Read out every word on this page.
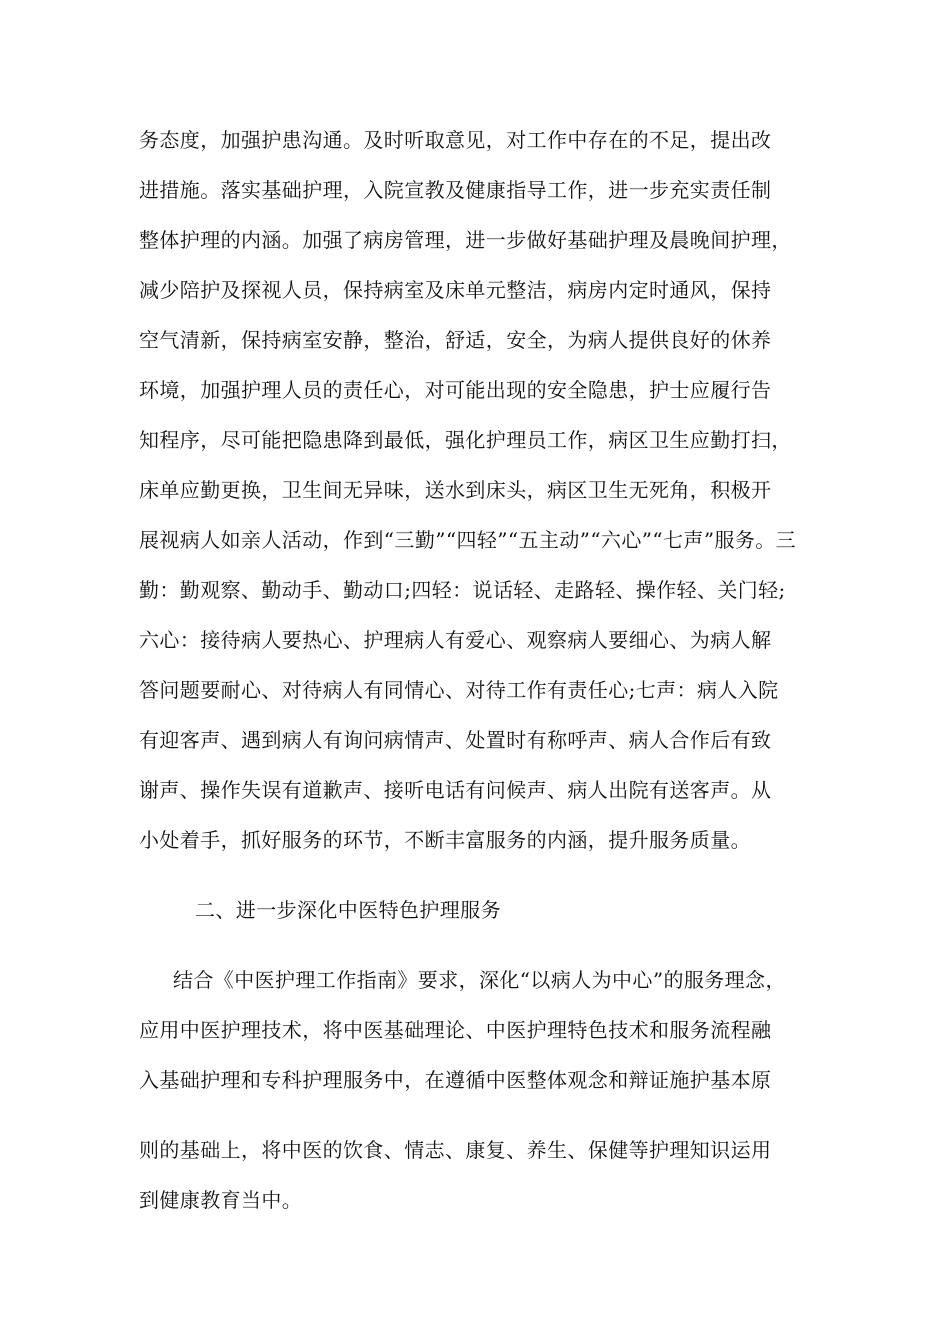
务态度，加强护患沟通。及时听取意见，对工作中存在的不足，提出改
进措施。落实基础护理，入院宣教及健康指导工作，进一步充实责任制
整体护理的内涵。加强了病房管理，进一步做好基础护理及晨晚间护理，
减少陪护及探视人员，保持病室及床单元整洁，病房内定时通风，保持
空气清新，保持病室安静，整治，舒适，安全，为病人提供良好的休养
环境，加强护理人员的责任心，对可能出现的安全隐患，护士应履行告
知程序，尽可能把隐患降到最低，强化护理员工作，病区卫生应勤打扫，
床单应勤更换，卫生间无异味，送水到床头，病区卫生无死角，积极开
展视病人如亲人活动，作到“三勤”“四轻”“五主动”“六心”“七声”服务。三
勤：勤观察、勤动手、勤动口;四轻：说话轻、走路轻、操作轻、关门轻;
六心：接待病人要热心、护理病人有爱心、观察病人要细心、为病人解
答问题要耐心、对待病人有同情心、对待工作有责任心;七声：病人入院
有迎客声、遇到病人有询问病情声、处置时有称呼声、病人合作后有致
谢声、操作失误有道歉声、接听电话有问候声、病人出院有送客声。从
小处着手，抓好服务的环节，不断丰富服务的内涵，提升服务质量。
二、进一步深化中医特色护理服务
结合《中医护理工作指南》要求，深化“以病人为中心”的服务理念，
应用中医护理技术，将中医基础理论、中医护理特色技术和服务流程融
入基础护理和专科护理服务中，在遵循中医整体观念和辩证施护基本原
则的基础上，将中医的饮食、情志、康复、养生、保健等护理知识运用
到健康教育当中。
